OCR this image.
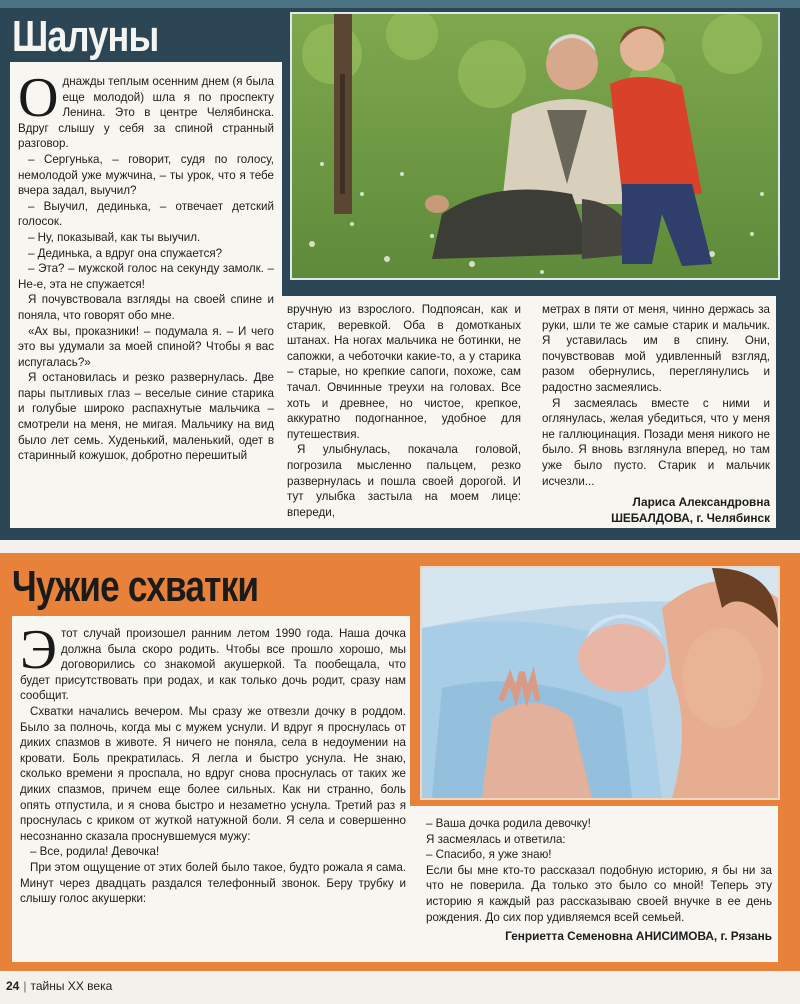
Шалуны
Чужие схватки

Однажды теплым осенним днем (я была еще молодой) шла я по проспекту Ленина. Это в центре Челябинска. Вдруг слышу у себя за спиной странный разговор.

– Сергунька, – говорит, судя по голосу, немолодой уже мужчина, – ты урок, что я тебе вчера задал, выучил?

– Выучил, дединька, – отвечает детский голосок.

– Ну, показывай, как ты выучил.

– Дединька, а вдруг она спужается?

– Эта? – мужской голос на секунду замолк. – Не-е, эта не спужается!

Я почувствовала взгляды на своей спине и поняла, что говорят обо мне.

«Ах вы, проказники! – подумала я. – И чего это вы удумали за моей спиной? Чтобы я вас испугалась?»

Я остановилась и резко развернулась. Две пары пытливых глаз – веселые синие старика и голубые широко распахнутые мальчика – смотрели на меня, не мигая. Мальчику на вид было лет семь. Худенький, маленький, одет в старинный кожушок, добротно перешитый

вручную из взрослого. Подпоясан, как и старик, веревкой. Оба в домотканых штанах. На ногах мальчика не ботинки, не сапожки, а чеботочки какие-то, а у старика – старые, но крепкие сапоги, похоже, сам тачал. Овчинные треухи на головах. Все хоть и древнее, но чистое, крепкое, аккуратно подогнанное, удобное для путешествия.

Я улыбнулась, покачала головой, погрозила мысленно пальцем, резко развернулась и пошла своей дорогой. И тут улыбка застыла на моем лице: впереди,

метрах в пяти от меня, чинно держась за руки, шли те же самые старик и мальчик. Я уставилась им в спину. Они, почувствовав мой удивленный взгляд, разом обернулись, переглянулись и радостно засмеялись.

Я засмеялась вместе с ними и оглянулась, желая убедиться, что у меня не галлюцинация. Позади меня никого не было. Я вновь взглянула вперед, но там уже было пусто. Старик и мальчик исчезли...

Лариса Александровна
ШЕБАЛДОВА, г. Челябинск

Этот случай произошел ранним летом 1990 года. Наша дочка должна была скоро родить. Чтобы все прошло хорошо, мы договорились со знакомой акушеркой. Та пообещала, что будет присутствовать при родах, и как только дочь родит, сразу нам сообщит.

Схватки начались вечером. Мы сразу же отвезли дочку в роддом. Было за полночь, когда мы с мужем уснули. И вдруг я проснулась от диких спазмов в животе. Я ничего не поняла, села в недоумении на кровати. Боль прекратилась. Я легла и быстро уснула. Не знаю, сколько времени я проспала, но вдруг снова проснулась от таких же диких спазмов, причем еще более сильных. Как ни странно, боль опять отпустила, и я снова быстро и незаметно уснула. Третий раз я проснулась с криком от жуткой натужной боли. Я села и совершенно несознанно сказала проснувшемуся мужу:

– Все, родила! Девочка!

При этом ощущение от этих болей было такое, будто рожала я сама. Минут через двадцать раздался телефонный звонок. Беру трубку и слышу голос акушерки:

– Ваша дочка родила девочку!

Я засмеялась и ответила:

– Спасибо, я уже знаю!

Если бы мне кто-то рассказал подобную историю, я бы ни за что не поверила. Да только это было со мной! Теперь эту историю я каждый раз рассказываю своей внучке в ее день рождения. До сих пор удивляемся всей семьей.

Генриетта Семеновна АНИСИМОВА, г. Рязань
24 | тайны XX века
